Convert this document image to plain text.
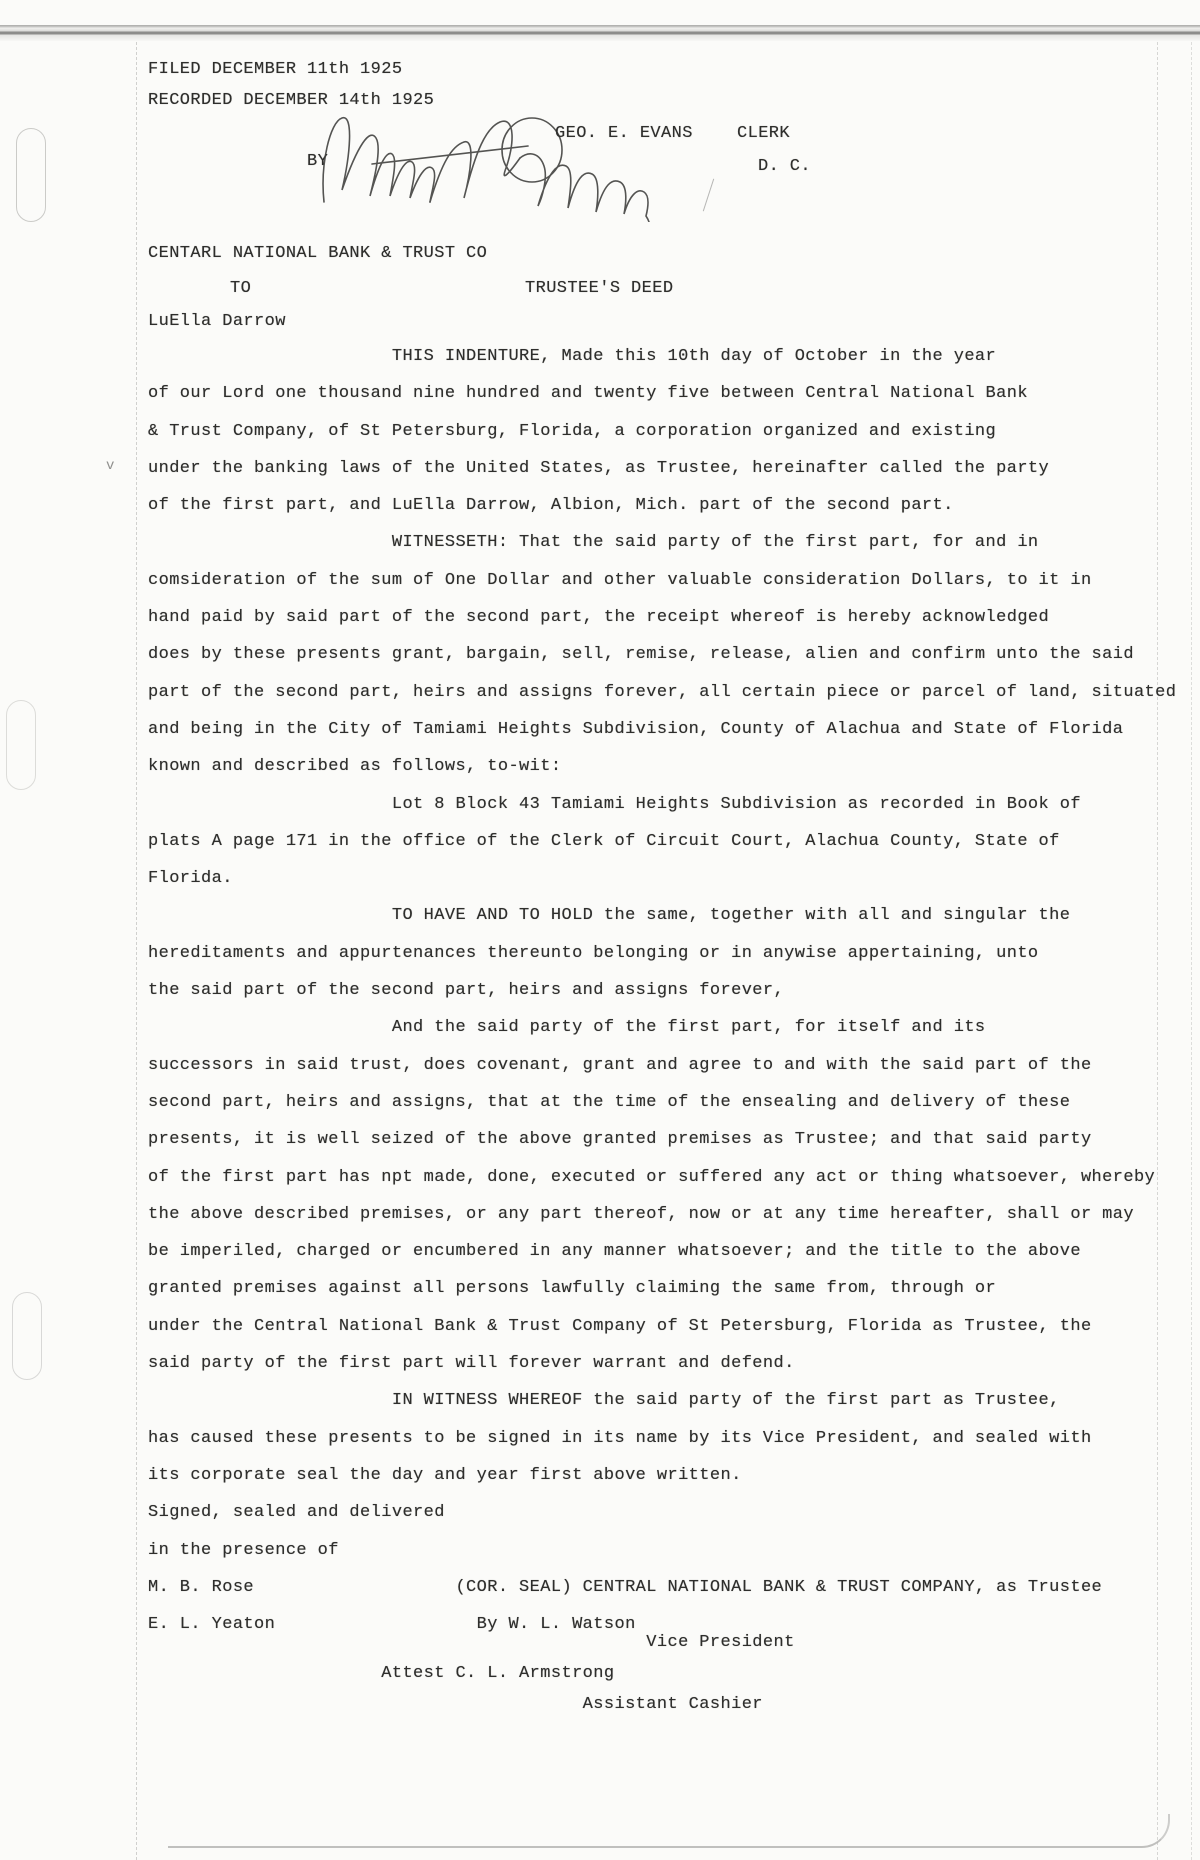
v
FILED DECEMBER 11th 1925
RECORDED DECEMBER 14th 1925
BY
GEO. E. EVANS	CLERK
D. C.
CENTARL NATIONAL BANK & TRUST CO
TO	TRUSTEE'S DEED
LuElla Darrow
THIS INDENTURE, Made this 10th day of October in the year
of our Lord one thousand nine hundred and twenty five between Central National Bank
& Trust Company, of St Petersburg, Florida, a corporation organized and existing
under the banking laws of the United States, as Trustee, hereinafter called the party
of the first part, and LuElla Darrow, Albion, Mich. part of the second part.
WITNESSETH: That the said party of the first part, for and in
comsideration of the sum of One Dollar and other valuable consideration Dollars, to it in
hand paid by said part of the second part, the receipt whereof is hereby acknowledged
does by these presents grant, bargain, sell, remise, release, alien and confirm unto the said
part of the second part, heirs and assigns forever, all certain piece or parcel of land, situated
and being in the City of Tamiami Heights Subdivision, County of Alachua and State of Florida
known and described as follows, to-wit:
Lot 8 Block 43 Tamiami Heights Subdivision as recorded in Book of
plats A page 171 in the office of the Clerk of Circuit Court, Alachua County, State of
Florida.
TO HAVE AND TO HOLD the same, together with all and singular the
hereditaments and appurtenances thereunto belonging or in anywise appertaining, unto
the said part of the second part, heirs and assigns forever,
And the said party of the first part, for itself and its
successors in said trust, does covenant, grant and agree to and with the said part of the
second part, heirs and assigns, that at the time of the ensealing and delivery of these
presents, it is well seized of the above granted premises as Trustee; and that said party
of the first part has npt made, done, executed or suffered any act or thing whatsoever, whereby
the above described premises, or any part thereof, now or at any time hereafter, shall or may
be imperiled, charged or encumbered in any manner whatsoever; and the title to the above
granted premises against all persons lawfully claiming the same from, through or
under the Central National Bank & Trust Company of St Petersburg, Florida as Trustee, the
said party of the first part will forever warrant and defend.
IN WITNESS WHEREOF the said party of the first part as Trustee,
has caused these presents to be signed in its name by its Vice President, and sealed with
its corporate seal the day and year first above written.
Signed, sealed and delivered
in the presence of
M. B. Rose                   (COR. SEAL) CENTRAL NATIONAL BANK & TRUST COMPANY, as Trustee
E. L. Yeaton                   By W. L. Watson
Vice President
Attest C. L. Armstrong
Assistant Cashier
